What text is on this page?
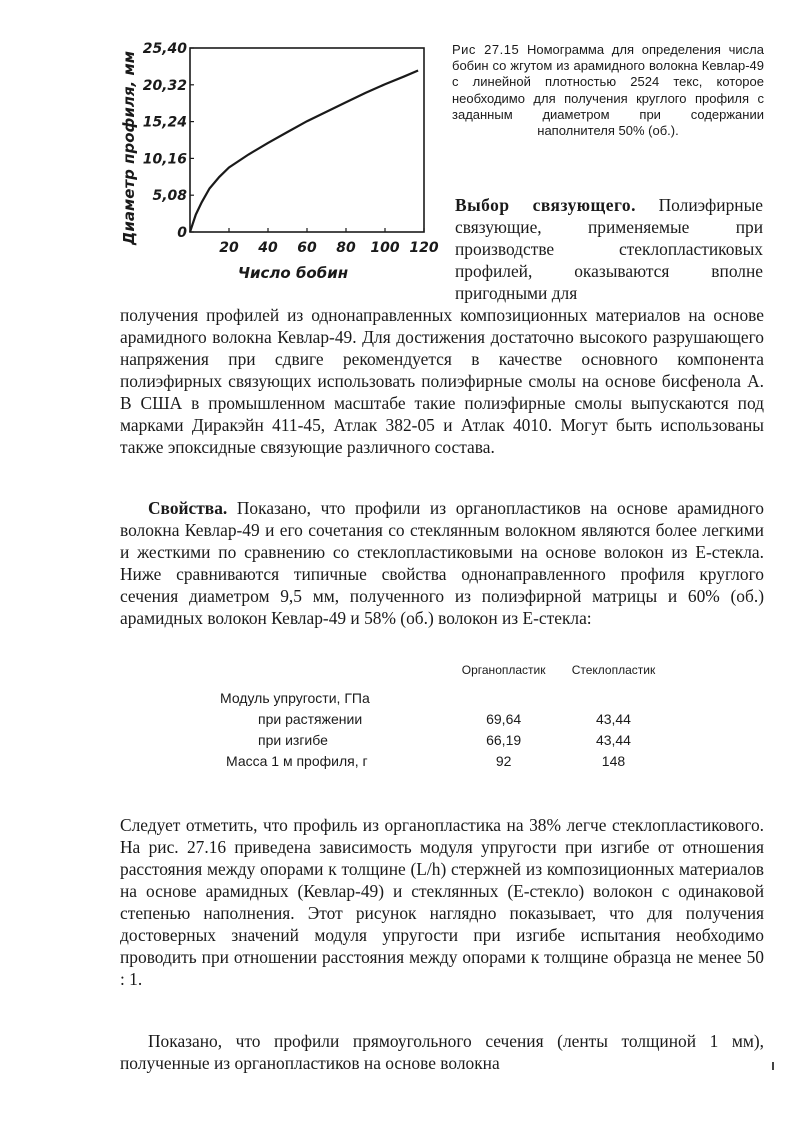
20 40 60 80 100 120
0
5,08
10,16
15,24
20,32
25,40
Число бобин
Диаметр профиля, мм

Рис 27.15 Номограмма для определения числа бобин со жгутом из арамидного волокна Кевлар-49 с линейной плотностью 2524 текс, которое необходимо для получения круглого профиля с заданным диаметром при содержании наполнителя 50% (об.).

Выбор связующего. Полиэфирные связующие, применяемые при производстве стеклопластиковых профилей, оказываются вполне пригодными для

получения профилей из однонаправленных композиционных материалов на основе арамидного волокна Кевлар-49. Для достижения достаточно высокого разрушающего напряжения при сдвиге рекомендуется в качестве основного компонента полиэфирных связующих использовать полиэфирные смолы на основе бисфенола А. В США в промышленном масштабе такие полиэфирные смолы выпускаются под марками Диракэйн 411-45, Атлак 382-05 и Атлак 4010. Могут быть использованы также эпоксидные связующие различного состава.

Свойства. Показано, что профили из органопластиков на основе арамидного волокна Кевлар-49 и его сочетания со стеклянным волокном являются более легкими и жесткими по сравнению со стеклопластиковыми на основе волокон из Е-стекла. Ниже сравниваются типичные свойства однонаправленного профиля круглого сечения диаметром 9,5 мм, полученного из полиэфирной матрицы и 60% (об.) арамидных волокон Кевлар-49 и 58% (об.) волокон из Е-стекла:

	Органопластик	Стеклопластик
Модуль упругости, ГПа		
при растяжении	69,64	43,44
при изгибе	66,19	43,44
Масса 1 м профиля, г	92	148

Следует отметить, что профиль из органопластика на 38% легче стеклопластикового. На рис. 27.16 приведена зависимость модуля упругости при изгибе от отношения расстояния между опорами к толщине (L/h) стержней из композиционных материалов на основе арамидных (Кевлар-49) и стеклянных (Е-стекло) волокон с одинаковой степенью наполнения. Этот рисунок наглядно показывает, что для получения достоверных значений модуля упругости при изгибе испытания необходимо проводить при отношении расстояния между опорами к толщине образца не менее 50 : 1.

Показано, что профили прямоугольного сечения (ленты толщиной 1 мм), полученные из органопластиков на основе волокна
